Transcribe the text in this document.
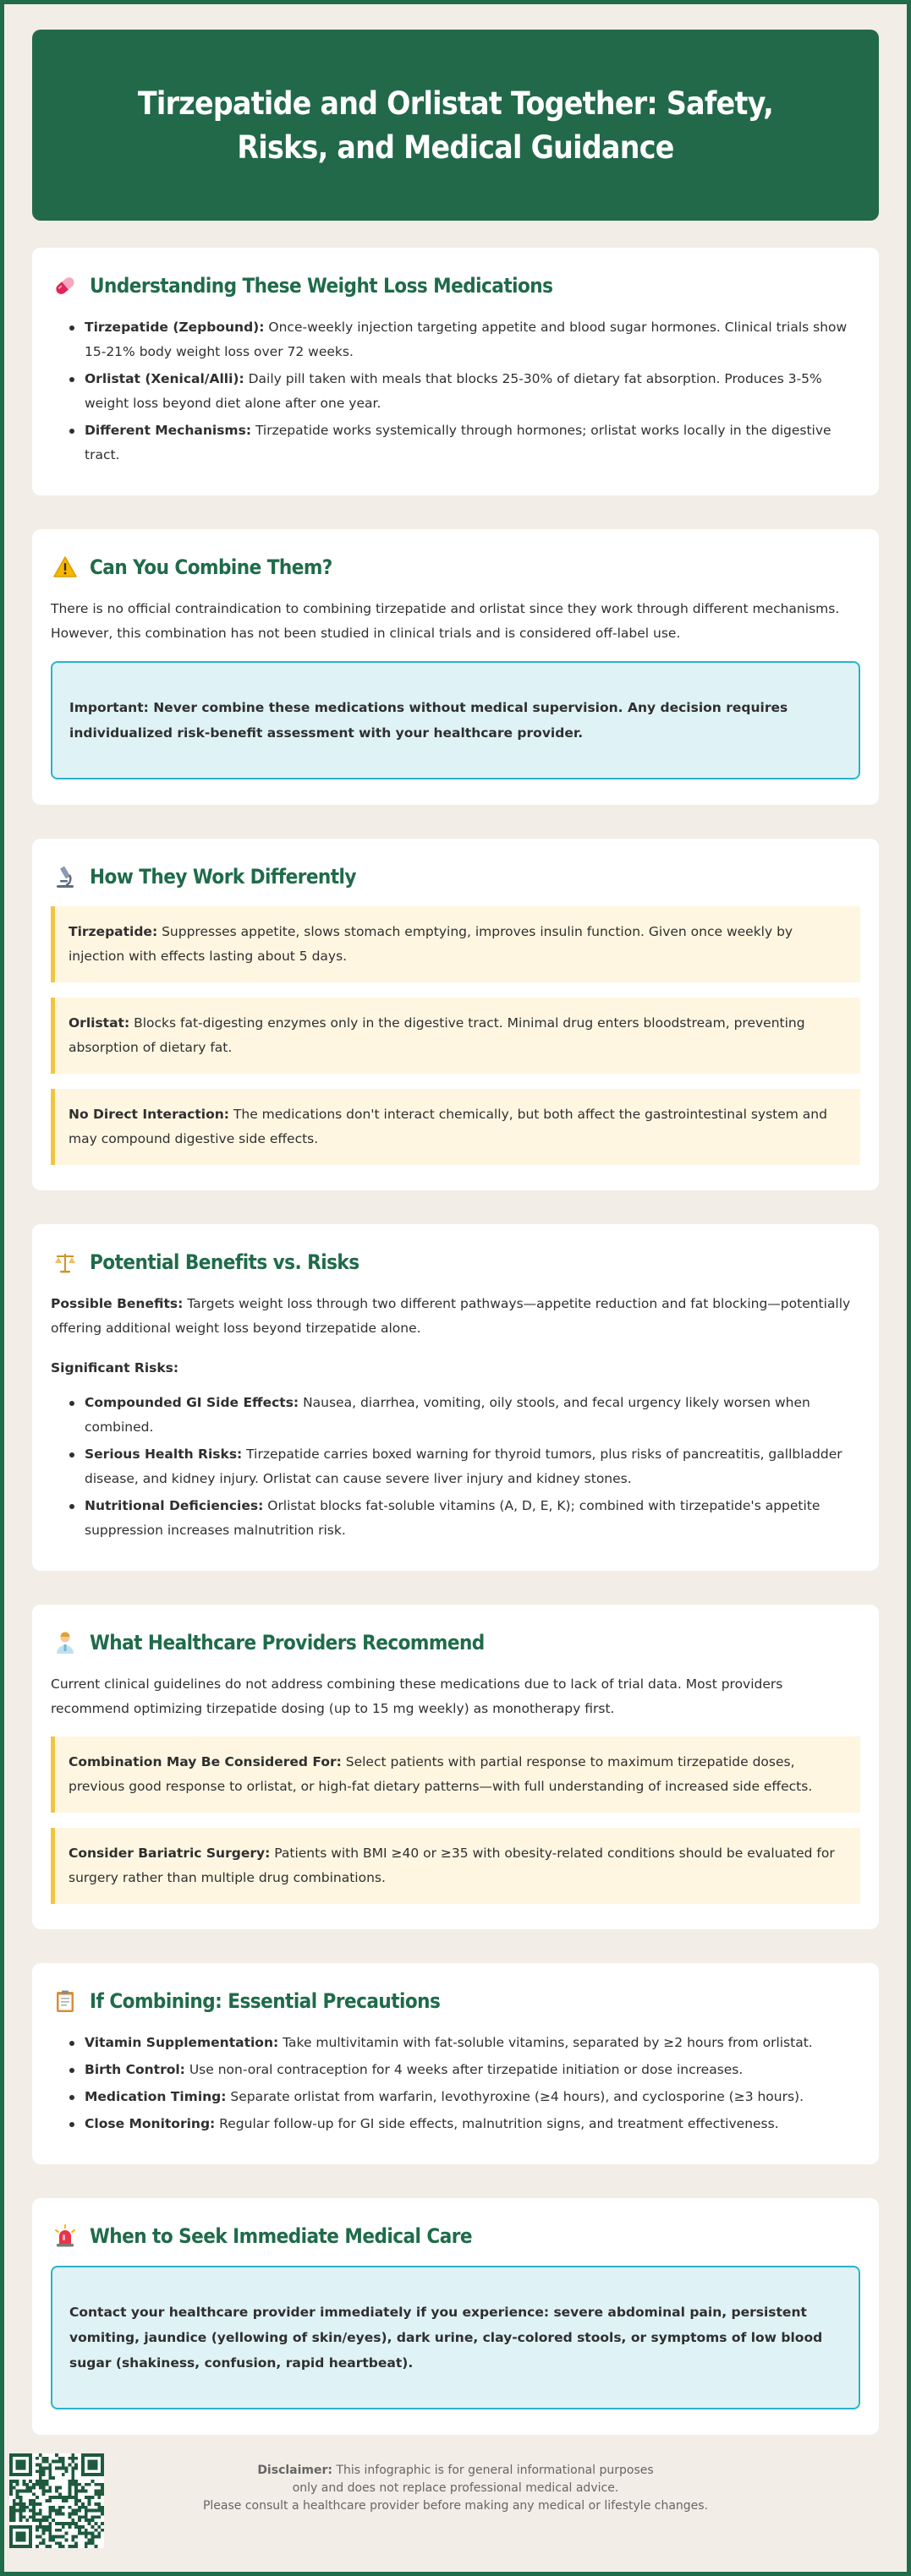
Tirzepatide and Orlistat Together: Safety, Risks, and Medical Guidance
Understanding These Weight Loss Medications
Tirzepatide (Zepbound): Once-weekly injection targeting appetite and blood sugar hormones. Clinical trials show 15-21% body weight loss over 72 weeks.
Orlistat (Xenical/Alli): Daily pill taken with meals that blocks 25-30% of dietary fat absorption. Produces 3-5% weight loss beyond diet alone after one year.
Different Mechanisms: Tirzepatide works systemically through hormones; orlistat works locally in the digestive tract.
Can You Combine Them?

There is no official contraindication to combining tirzepatide and orlistat since they work through different mechanisms. However, this combination has not been studied in clinical trials and is considered off-label use.

Important: Never combine these medications without medical supervision. Any decision requires individualized risk-benefit assessment with your healthcare provider.
How They Work Differently
Tirzepatide: Suppresses appetite, slows stomach emptying, improves insulin function. Given once weekly by injection with effects lasting about 5 days.
Orlistat: Blocks fat-digesting enzymes only in the digestive tract. Minimal drug enters bloodstream, preventing absorption of dietary fat.
No Direct Interaction: The medications don't interact chemically, but both affect the gastrointestinal system and may compound digestive side effects.
Potential Benefits vs. Risks

Possible Benefits: Targets weight loss through two different pathways—appetite reduction and fat blocking—potentially offering additional weight loss beyond tirzepatide alone.

Significant Risks:

Compounded GI Side Effects: Nausea, diarrhea, vomiting, oily stools, and fecal urgency likely worsen when combined.
Serious Health Risks: Tirzepatide carries boxed warning for thyroid tumors, plus risks of pancreatitis, gallbladder disease, and kidney injury. Orlistat can cause severe liver injury and kidney stones.
Nutritional Deficiencies: Orlistat blocks fat-soluble vitamins (A, D, E, K); combined with tirzepatide's appetite suppression increases malnutrition risk.
What Healthcare Providers Recommend

Current clinical guidelines do not address combining these medications due to lack of trial data. Most providers recommend optimizing tirzepatide dosing (up to 15 mg weekly) as monotherapy first.

Combination May Be Considered For: Select patients with partial response to maximum tirzepatide doses, previous good response to orlistat, or high-fat dietary patterns—with full understanding of increased side effects.
Consider Bariatric Surgery: Patients with BMI ≥40 or ≥35 with obesity-related conditions should be evaluated for surgery rather than multiple drug combinations.
If Combining: Essential Precautions
Vitamin Supplementation: Take multivitamin with fat-soluble vitamins, separated by ≥2 hours from orlistat.
Birth Control: Use non-oral contraception for 4 weeks after tirzepatide initiation or dose increases.
Medication Timing: Separate orlistat from warfarin, levothyroxine (≥4 hours), and cyclosporine (≥3 hours).
Close Monitoring: Regular follow-up for GI side effects, malnutrition signs, and treatment effectiveness.
When to Seek Immediate Medical Care
Contact your healthcare provider immediately if you experience: severe abdominal pain, persistent vomiting, jaundice (yellowing of skin/eyes), dark urine, clay-colored stools, or symptoms of low blood sugar (shakiness, confusion, rapid heartbeat).
Disclaimer: This infographic is for general informational purposes
only and does not replace professional medical advice.
Please consult a healthcare provider before making any medical or lifestyle changes.
